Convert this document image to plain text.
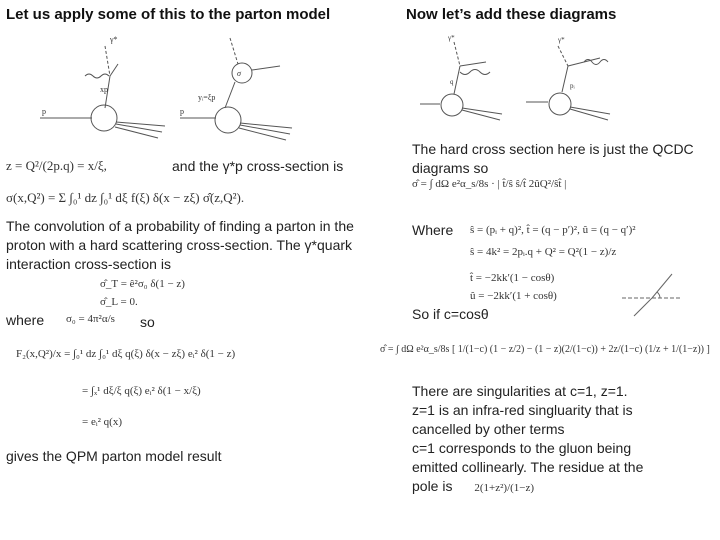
Let us apply some of this to the parton model
γ*
xp
p
σ
yᵢ=ξp
p
z = Q²/(2p.q) = x/ξ,	and the γ*p cross-section is
σ(x,Q²) = Σ ∫₀¹ dz ∫₀¹ dξ f(ξ) δ(x − zξ) σ̂(z,Q²).
The convolution of a probability of finding a parton in the proton with a hard scattering cross-section. The γ*quark interaction cross-section is
σ̂_T = ê²σ₀ δ(1 − z)
σ̂_L = 0.
where σ₀ = 4π²α/s so
F₂(x,Q²)/x = ∫₀¹ dz ∫₀¹ dξ q(ξ) δ(x − zξ) eᵢ² δ(1 − z)
= ∫ₓ¹ dξ/ξ q(ξ) eᵢ² δ(1 − x/ξ)
= eᵢ² q(x)
gives the QPM parton model result
Now let’s add these diagrams
γ*	γ*
q	pᵢ
The hard cross section here is just the QCDC diagrams so
σ̂ = ∫ dΩ e²α_s/8s · | t̂/ŝ ŝ/t̂ 2ûQ²/ŝt̂ |
Where ŝ = (pᵢ + q)², t̂ = (q − p′)², û = (q − q′)²
ŝ = 4k² = 2pᵢ.q + Q² = Q²(1 − z)/z
t̂ = −2kk′(1 − cosθ)
û = −2kk′(1 + cosθ)
So if c=cosθ
σ̂ = ∫ dΩ e²α_s/8s [ 1/(1−c) (1 − z/2) − (1 − z)(2/(1−c)) + 2z/(1−c) (1/z + 1/(1−z)) ]
There are singularities at c=1, z=1.
z=1 is an infra-red singluarity that is
cancelled by other terms
c=1 corresponds to the gluon being
emitted collinearly. The residue at the
pole is 2(1+z²)/(1−z)
